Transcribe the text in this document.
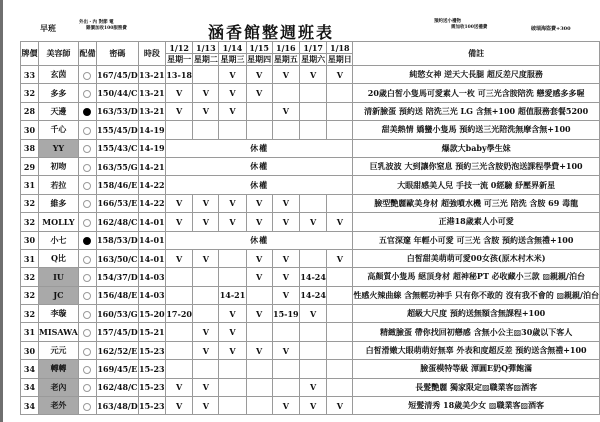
早班
外出・內 對節 電
雜價加收100服務費	涵香館整週班表
預約送小禮物
需加收100送禮費	破瑞海盜費+300
牌價	美容師	配備	密碼	時段	1/12	1/13	1/14	1/15	1/16	1/17	1/18	備註
					星期一	星期二	星期三	星期四	星期五	星期六	星期日	
33	玄茵		167/45/D	13-21	13-18		V	V	V	V	V	純慾女神 逆天大長腿 超反差尺度服務
32	多多		150/44/C	13-21	V	V	V	V				20歲白皙小隻馬可愛素人一枚 可三光含胺陪洗 戀愛感多多喔
28	天邊		163/53/D	13-21	V	V	V		V			清新臉蛋 預約送 陪洗三光 LG 含無+100 超值服務套餐5200
30	千心		155/45/D	14-19								甜美熱情 嬌蠻小隻馬 預約送三光陪洗無摩含無+100
38	YY		155/43/C	14-19	休權							爆款大baby學生妹
29	初吻		163/55/G	14-21	休權							巨乳波波 大到讓你窒息 預約三光含胺奶泡送課程學費+100
31	若拉		158/46/E	14-22	休權							大眼甜感美人兒 手技一流 0經驗 紓壓界新星
32	維多		166/53/E	14-22	V	V	V	V	V			臉型艷麗歐美身材 超強噴水機 可三光 陪洗 含胺 69 毒龍
32	MOLLY		162/48/C	14-01	V	V	V	V	V	V	V	正港18歲素人小可愛
30	小七		158/53/D	14-01	休權							五官深邃 年輕小可愛 可三光 含胺 預約送含無禮+100
31	Q比		163/50/C	14-01	V	V		V	V		V	白皙甜美萌萌可愛00女孩(原木村木米)
32	IU		154/37/D	14-03				V	V	14-24		高顏質小隻馬 絕頂身材 超神秘PT 必收藏小三款 ▨親親/泊台
32	JC		156/48/E	14-03			14-21		V	14-24		性感火辣曲線 含無輕功神手 只有你不敢的 沒有我不會的 ▨親親/泊台
32	李璇		160/53/G	15-20	17-20		V	V	15-19	V		超級大尺度 預約送無額含無課程+100
31	MISAWA		157/45/D	15-21		V	V					精緻臉蛋 帶你找回初戀感 含無小公主▨30歲以下客人
30	元元		162/52/E	15-23		V	V	V	V			白皙滑嫩大眼萌萌好無辜 外表和度超反差 預約送含無禮+100
34	轉轉		169/45/E	15-23								臉蛋模特等級 渾圓E奶Q彈飽滿
34	老內		162/48/C	15-23	V	V				V		長髮艷麗 獨家限定▨職業客▨酒客
34	老外		163/48/D	15-23	V	V			V	V	V	短髮清秀 18歲美少女 ▨職業客▨酒客
